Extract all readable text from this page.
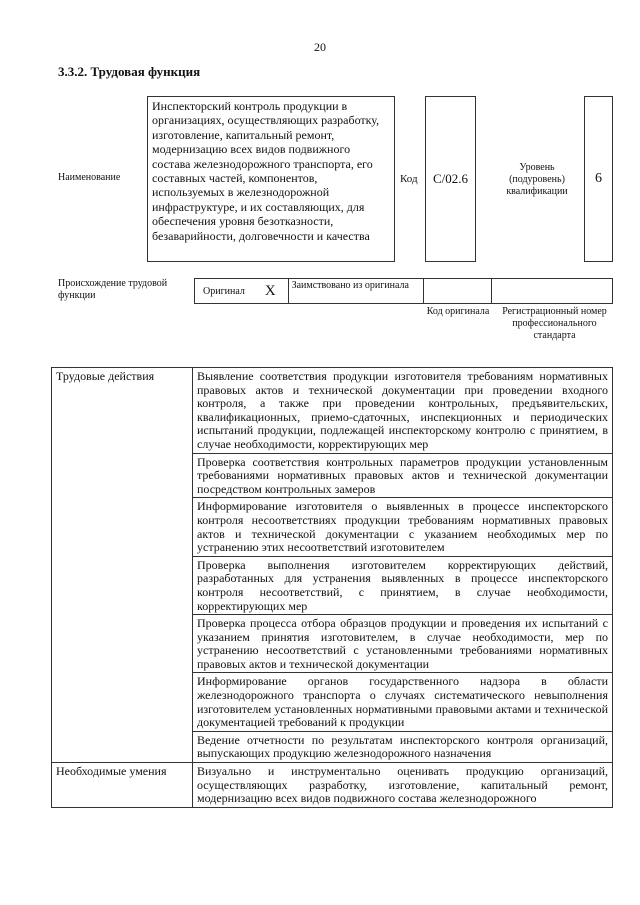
20
3.3.2. Трудовая функция
Наименование
Инспекторский контроль продукции в организациях, осуществляющих разработку, изготовление, капитальный ремонт, модернизацию всех видов подвижного состава железнодорожного транспорта, его составных частей, компонентов, используемых в железнодорожной инфраструктуре, и их составляющих, для обеспечения уровня безотказности, безаварийности, долговечности и качества
Код C/02.6
Уровень (подуровень) квалификации
6
Происхождение трудовой функции	Оригинал X	Заимствовано из оригинала
Код оригинала	Регистрационный номер профессионального стандарта
Трудовые действия	Выявление соответствия продукции изготовителя требованиям нормативных правовых актов и технической документации при проведении входного контроля, а также при проведении контрольных, предъявительских, квалификационных, приемо-сдаточных, инспекционных и периодических испытаний продукции, подлежащей инспекторскому контролю с принятием, в случае необходимости, корректирующих мер
	Проверка соответствия контрольных параметров продукции установленным требованиями нормативных правовых актов и технической документации посредством контрольных замеров
	Информирование изготовителя о выявленных в процессе инспекторского контроля несоответствиях продукции требованиям нормативных правовых актов и технической документации с указанием необходимых мер по устранению этих несоответствий изготовителем
	Проверка выполнения изготовителем корректирующих действий, разработанных для устранения выявленных в процессе инспекторского контроля несоответствий, с принятием, в случае необходимости, корректирующих мер
	Проверка процесса отбора образцов продукции и проведения их испытаний с указанием принятия изготовителем, в случае необходимости, мер по устранению несоответствий с установленными требованиями нормативных правовых актов и технической документации
	Информирование органов государственного надзора в области железнодорожного транспорта о случаях систематического невыполнения изготовителем установленных нормативными правовыми актами и технической документацией требований к продукции
	Ведение отчетности по результатам инспекторского контроля организаций, выпускающих продукцию железнодорожного назначения
Необходимые умения	Визуально и инструментально оценивать продукцию организаций, осуществляющих разработку, изготовление, капитальный ремонт, модернизацию всех видов подвижного состава железнодорожного
